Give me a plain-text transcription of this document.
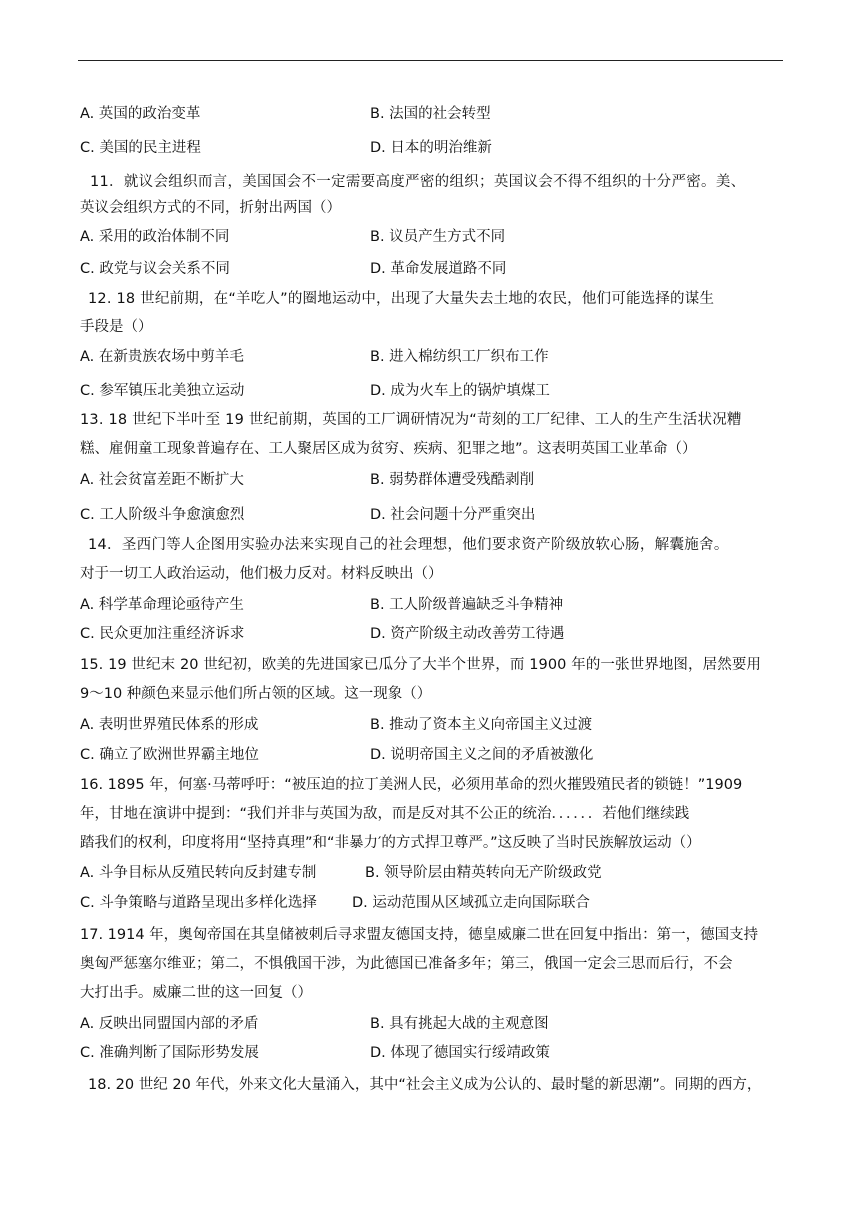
A. 英国的政治变革	B. 法国的社会转型
C. 美国的民主进程	D. 日本的明治维新
11．就议会组织而言，美国国会不一定需要高度严密的组织；英国议会不得不组织的十分严密。美、
英议会组织方式的不同，折射出两国（）
A. 采用的政治体制不同	B. 议员产生方式不同
C. 政党与议会关系不同	D. 革命发展道路不同
12. 18 世纪前期，在“羊吃人”的圈地运动中，出现了大量失去土地的农民，他们可能选择的谋生
手段是（）
A. 在新贵族农场中剪羊毛	B. 进入棉纺织工厂织布工作
C. 参军镇压北美独立运动	D. 成为火车上的锅炉填煤工
13. 18 世纪下半叶至 19 世纪前期，英国的工厂调研情况为“苛刻的工厂纪律、工人的生产生活状况糟
糕、雇佣童工现象普遍存在、工人聚居区成为贫穷、疾病、犯罪之地”。这表明英国工业革命（）
A. 社会贫富差距不断扩大	B. 弱势群体遭受残酷剥削
C. 工人阶级斗争愈演愈烈	D. 社会问题十分严重突出
14．圣西门等人企图用实验办法来实现自己的社会理想，他们要求资产阶级放软心肠，解囊施舍。
对于一切工人政治运动，他们极力反对。材料反映出（）
A. 科学革命理论亟待产生	B. 工人阶级普遍缺乏斗争精神
C. 民众更加注重经济诉求	D. 资产阶级主动改善劳工待遇
15. 19 世纪末 20 世纪初，欧美的先进国家已瓜分了大半个世界，而 1900 年的一张世界地图，居然要用
9～10 种颜色来显示他们所占领的区域。这一现象（）
A. 表明世界殖民体系的形成	B. 推动了资本主义向帝国主义过渡
C. 确立了欧洲世界霸主地位	D. 说明帝国主义之间的矛盾被激化
16. 1895 年，何塞·马蒂呼吁：“被压迫的拉丁美洲人民，必须用革命的烈火摧毁殖民者的锁链！”1909
年，甘地在演讲中提到：“我们并非与英国为敌，而是反对其不公正的统治．．．．．．若他们继续践
踏我们的权利，印度将用“坚持真理”和“非暴力′的方式捍卫尊严。”这反映了当时民族解放运动（）
A. 斗争目标从反殖民转向反封建专制	B. 领导阶层由精英转向无产阶级政党
C. 斗争策略与道路呈现出多样化选择 D. 运动范围从区域孤立走向国际联合
17. 1914 年，奥匈帝国在其皇储被刺后寻求盟友德国支持，德皇威廉二世在回复中指出：第一，德国支持
奥匈严惩塞尔维亚；第二，不惧俄国干涉，为此德国已准备多年；第三，俄国一定会三思而后行，不会
大打出手。威廉二世的这一回复（）
A. 反映出同盟国内部的矛盾	B. 具有挑起大战的主观意图
C. 准确判断了国际形势发展	D. 体现了德国实行绥靖政策
18. 20 世纪 20 年代，外来文化大量涌入，其中“社会主义成为公认的、最时髦的新思潮”。同期的西方，
